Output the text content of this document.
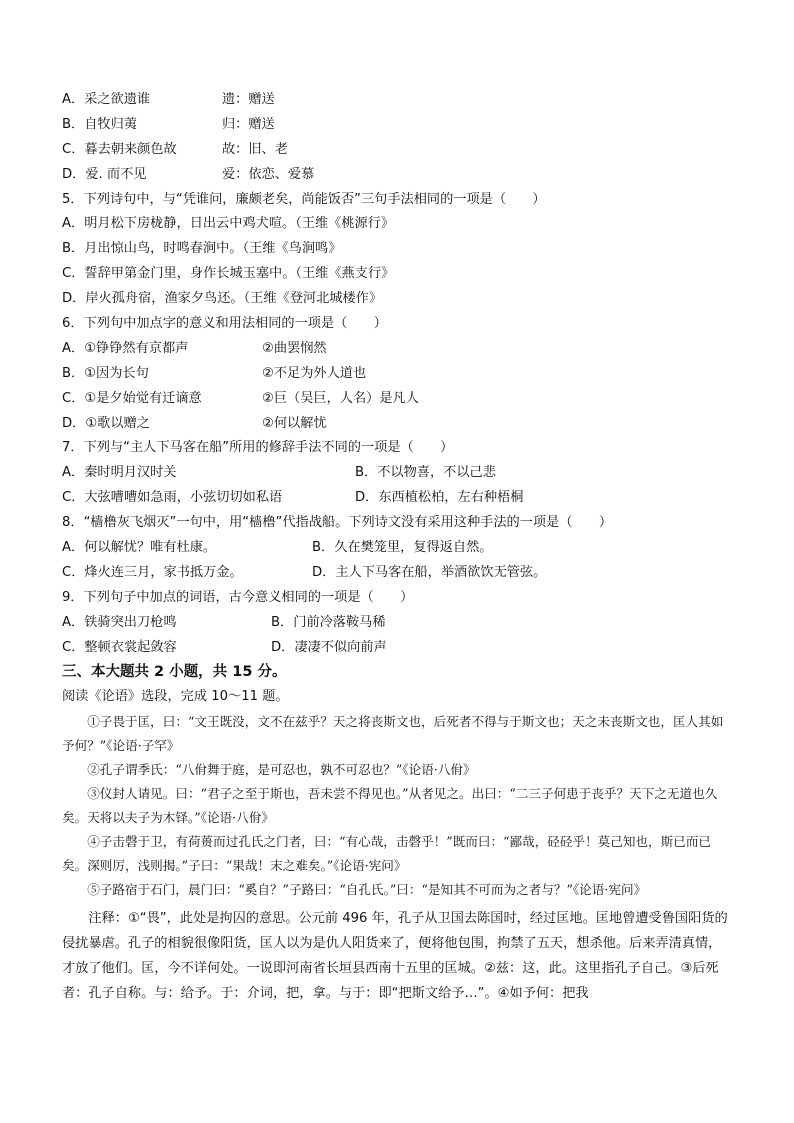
A．采之欲遗谁	遗：赠送
B．自牧归荑	归：赠送
C．暮去朝来颜色故	故：旧、老
D．爱. 而不见	爱：依恋、爱慕
5．下列诗句中，与“凭谁问，廉颇老矣，尚能饭否”三句手法相同的一项是（　　）
A．明月松下房栊静，日出云中鸡犬喧。（王维《桃源行》
B．月出惊山鸟，时鸣春涧中。（王维《鸟涧鸣》
C．誓辞甲第金门里，身作长城玉塞中。（王维《燕支行》
D．岸火孤舟宿，渔家夕鸟还。（王维《登河北城楼作》
6．下列句中加点字的意义和用法相同的一项是（　　）
A．①铮铮然有京都声	②曲罢悯然
B．①因为长句	②不足为外人道也
C．①是夕始觉有迁谪意	②巨（吴巨，人名）是凡人
D．①歌以赠之	②何以解忧
7．下列与“主人下马客在船”所用的修辞手法不同的一项是（　　）
A．秦时明月汉时关	B．不以物喜，不以己悲
C．大弦嘈嘈如急雨，小弦切切如私语	D．东西植松柏，左右种梧桐
8．“樯橹灰飞烟灭”一句中，用“樯橹”代指战船。下列诗文没有采用这种手法的一项是（　　）
A．何以解忧？唯有杜康。	B．久在樊笼里，复得返自然。
C．烽火连三月，家书抵万金。	D．主人下马客在船，举酒欲饮无管弦。
9．下列句子中加点的词语，古今意义相同的一项是（　　）
A．铁骑突出刀枪鸣	B．门前冷落鞍马稀
C．整顿衣裳起敛容	D．凄凄不似向前声
三、本大题共 2 小题，共 15 分。
阅读《论语》选段，完成 10～11 题。
①子畏于匡，曰：“文王既没，文不在兹乎？天之将丧斯文也，后死者不得与于斯文也；天之未丧斯文也，匡人其如予何？”《论语·子罕》
②孔子谓季氏：“八佾舞于庭，是可忍也，孰不可忍也？”《论语·八佾》
③仪封人请见。曰：“君子之至于斯也，吾未尝不得见也。”从者见之。出曰：“二三子何患于丧乎？天下之无道也久矣。天将以夫子为木铎。”《论语·八佾》
④子击磬于卫，有荷蒉而过孔氏之门者，曰：“有心哉，击磬乎！”既而曰：“鄙哉，硁硁乎！莫己知也，斯已而已矣。深则厉，浅则揭。”子曰：“果哉！末之难矣。”《论语·宪问》
⑤子路宿于石门，晨门曰：“奚自？”子路曰：“自孔氏。”曰：“是知其不可而为之者与？”《论语·宪问》
注释：①“畏”，此处是拘囚的意思。公元前 496 年，孔子从卫国去陈国时，经过匡地。匡地曾遭受鲁国阳货的侵扰暴虐。孔子的相貌很像阳货，匡人以为是仇人阳货来了，便将他包围，拘禁了五天，想杀他。后来弄清真情，才放了他们。匡，今不详何处。一说即河南省长垣县西南十五里的匡城。②兹：这，此。这里指孔子自己。③后死者：孔子自称。与：给予。于：介词，把，拿。与于：即“把斯文给予…”。④如予何：把我
